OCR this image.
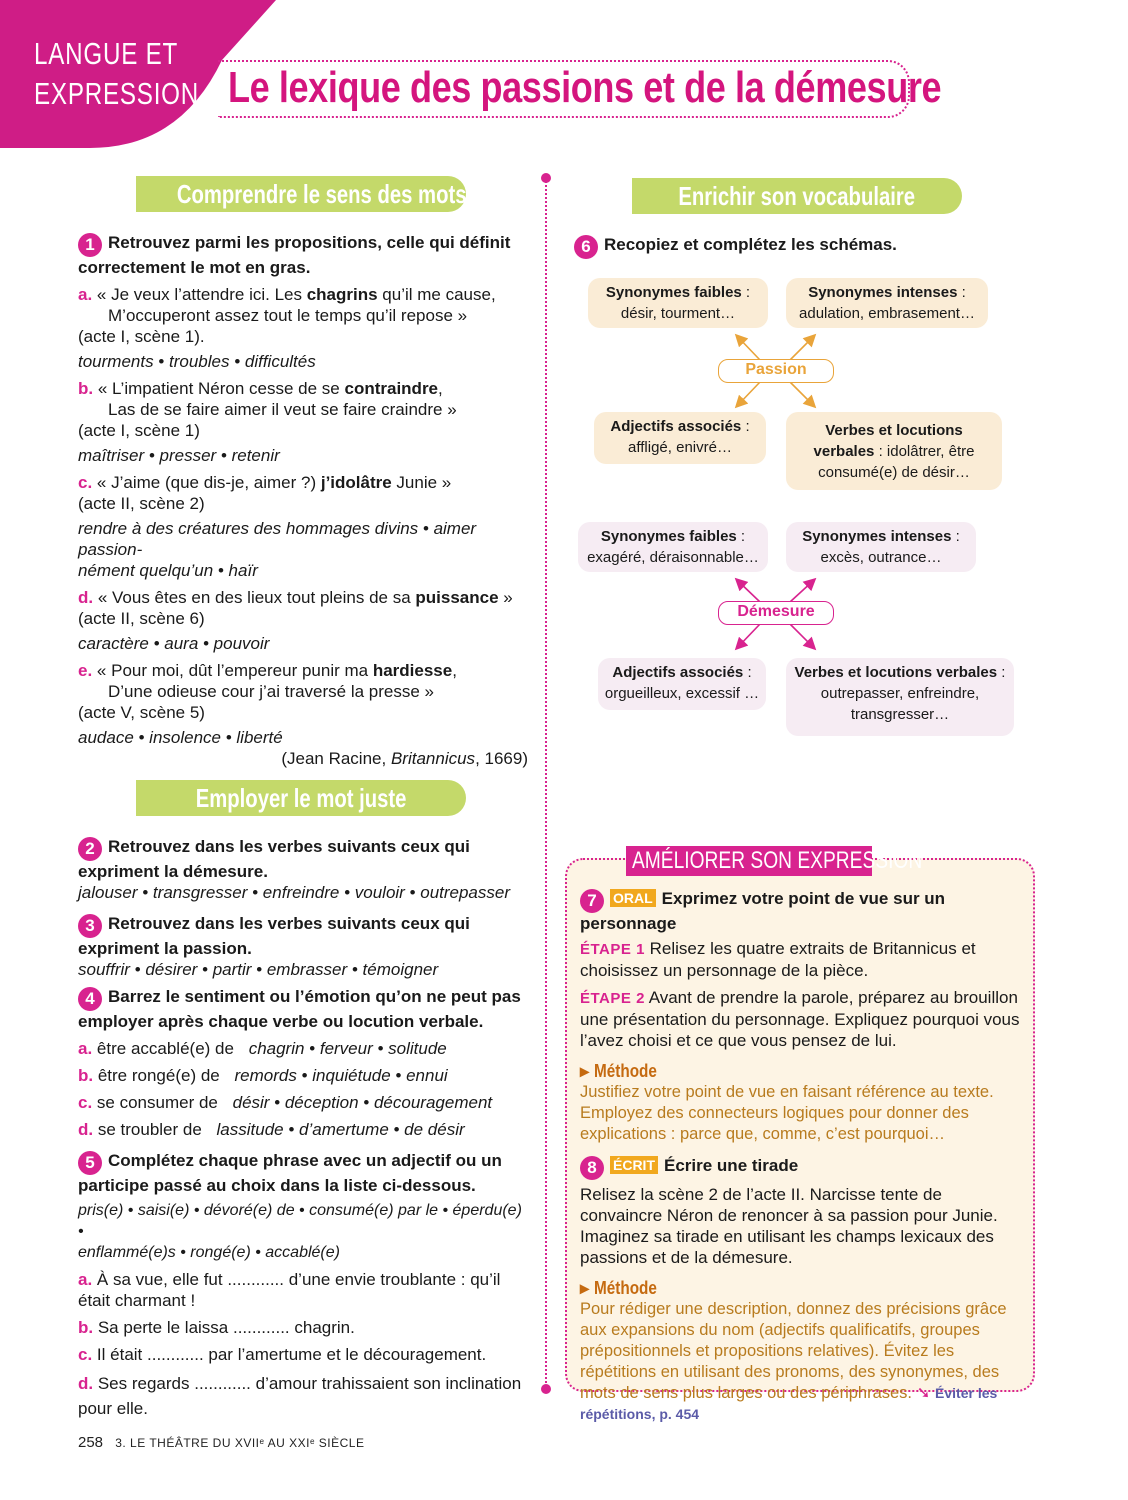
LANGUE ET
EXPRESSION Le lexique des passions et de la démesure
Comprendre le sens des mots
1 Retrouvez parmi les propositions, celle qui définit correctement le mot en gras.
a. « Je veux l’attendre ici. Les chagrins qu’il me cause,
M’occuperont assez tout le temps qu’il repose »
(acte I, scène 1).
tourments • troubles • difficultés
b. « L’impatient Néron cesse de se contraindre,
Las de se faire aimer il veut se faire craindre »
(acte I, scène 1)
maîtriser • presser • retenir
c. « J’aime (que dis-je, aimer ?) j’idolâtre Junie »
(acte II, scène 2)
rendre à des créatures des hommages divins • aimer passion-
nément quelqu’un • haïr
d. « Vous êtes en des lieux tout pleins de sa puissance »
(acte II, scène 6)
caractère • aura • pouvoir
e. « Pour moi, dût l’empereur punir ma hardiesse,
D’une odieuse cour j’ai traversé la presse »
(acte V, scène 5)
audace • insolence • liberté
(Jean Racine, Britannicus, 1669)
Employer le mot juste
2 Retrouvez dans les verbes suivants ceux qui expriment la démesure.
jalouser • transgresser • enfreindre • vouloir • outrepasser
3 Retrouvez dans les verbes suivants ceux qui expriment la passion.
souffrir • désirer • partir • embrasser • témoigner
4 Barrez le sentiment ou l’émotion qu’on ne peut pas employer après chaque verbe ou locution verbale.
a. être accablé(e) de chagrin • ferveur • solitude
b. être rongé(e) de remords • inquiétude • ennui
c. se consumer de désir • déception • découragement
d. se troubler de lassitude • d’amertume • de désir
5 Complétez chaque phrase avec un adjectif ou un participe passé au choix dans la liste ci-dessous.
pris(e) • saisi(e) • dévoré(e) de • consumé(e) par le • éperdu(e) •
enflammé(e)s • rongé(e) • accablé(e)
a. À sa vue, elle fut ............ d’une envie troublante : qu’il était charmant !
b. Sa perte le laissa ............ chagrin.
c. Il était ............ par l’amertume et le découragement.
d. Ses regards ............ d’amour trahissaient son inclination pour elle.
Enrichir son vocabulaire
6 Recopiez et complétez les schémas.
Synonymes faibles :
désir, tourment…
Synonymes intenses :
adulation, embrasement…
Passion
Adjectifs associés :
affligé, enivré…
Verbes et locutions
verbales : idolâtrer, être
consumé(e) de désir…
Synonymes faibles :
exagéré, déraisonnable…
Synonymes intenses :
excès, outrance…
Démesure
Adjectifs associés :
orgueilleux, excessif …
Verbes et locutions verbales :
outrepasser, enfreindre,
transgresser…
AMÉLIORER SON EXPRESSION
7 ORAL Exprimez votre point de vue sur un personnage
ÉTAPE 1 Relisez les quatre extraits de Britannicus et choisissez un personnage de la pièce.
ÉTAPE 2 Avant de prendre la parole, préparez au brouillon une présentation du personnage. Expliquez pourquoi vous l’avez choisi et ce que vous pensez de lui.
▸ Méthode
Justifiez votre point de vue en faisant référence au texte. Employez des connecteurs logiques pour donner des explications : parce que, comme, c’est pourquoi…
8 ÉCRIT Écrire une tirade
Relisez la scène 2 de l’acte II. Narcisse tente de convaincre Néron de renoncer à sa passion pour Junie. Imaginez sa tirade en utilisant les champs lexicaux des passions et de la démesure.
▸ Méthode
Pour rédiger une description, donnez des précisions grâce aux expansions du nom (adjectifs qualificatifs, groupes prépositionnels et propositions relatives). Évitez les répétitions en utilisant des pronoms, des synonymes, des mots de sens plus larges ou des périphrases. ➘ Éviter les répétitions, p. 454
258 3. LE THÉÂTRE DU XVIIᵉ AU XXIᵉ SIÈCLE
